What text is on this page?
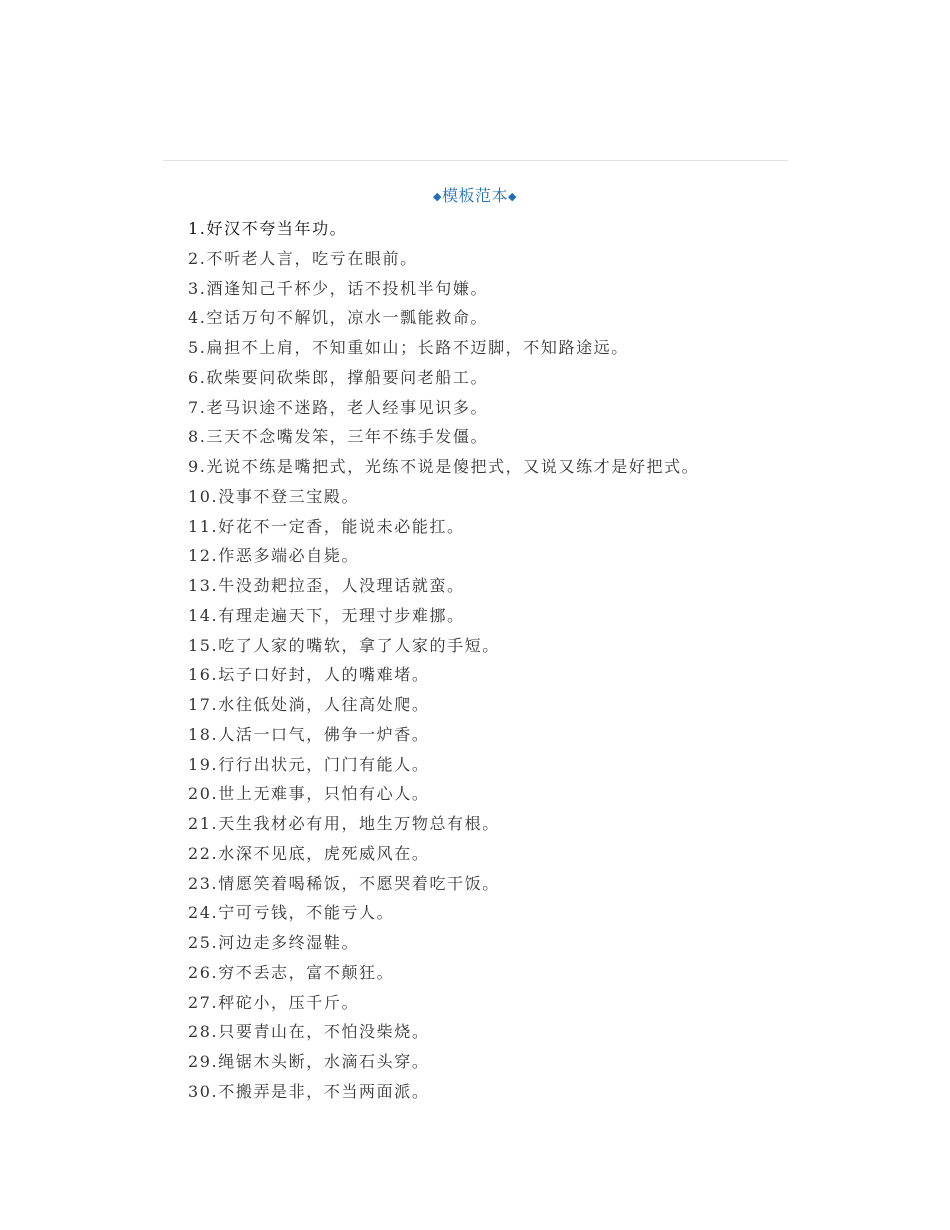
◆模板范本◆
1.好汉不夸当年功。
2.不听老人言，吃亏在眼前。
3.酒逢知己千杯少，话不投机半句嫌。
4.空话万句不解饥，凉水一瓢能救命。
5.扁担不上肩，不知重如山；长路不迈脚，不知路途远。
6.砍柴要问砍柴郎，撑船要问老船工。
7.老马识途不迷路，老人经事见识多。
8.三天不念嘴发笨，三年不练手发僵。
9.光说不练是嘴把式，光练不说是傻把式，又说又练才是好把式。
10.没事不登三宝殿。
11.好花不一定香，能说未必能扛。
12.作恶多端必自毙。
13.牛没劲耙拉歪，人没理话就蛮。
14.有理走遍天下，无理寸步难挪。
15.吃了人家的嘴软，拿了人家的手短。
16.坛子口好封，人的嘴难堵。
17.水往低处淌，人往高处爬。
18.人活一口气，佛争一炉香。
19.行行出状元，门门有能人。
20.世上无难事，只怕有心人。
21.天生我材必有用，地生万物总有根。
22.水深不见底，虎死威风在。
23.情愿笑着喝稀饭，不愿哭着吃干饭。
24.宁可亏钱，不能亏人。
25.河边走多终湿鞋。
26.穷不丢志，富不颠狂。
27.秤砣小，压千斤。
28.只要青山在，不怕没柴烧。
29.绳锯木头断，水滴石头穿。
30.不搬弄是非，不当两面派。
